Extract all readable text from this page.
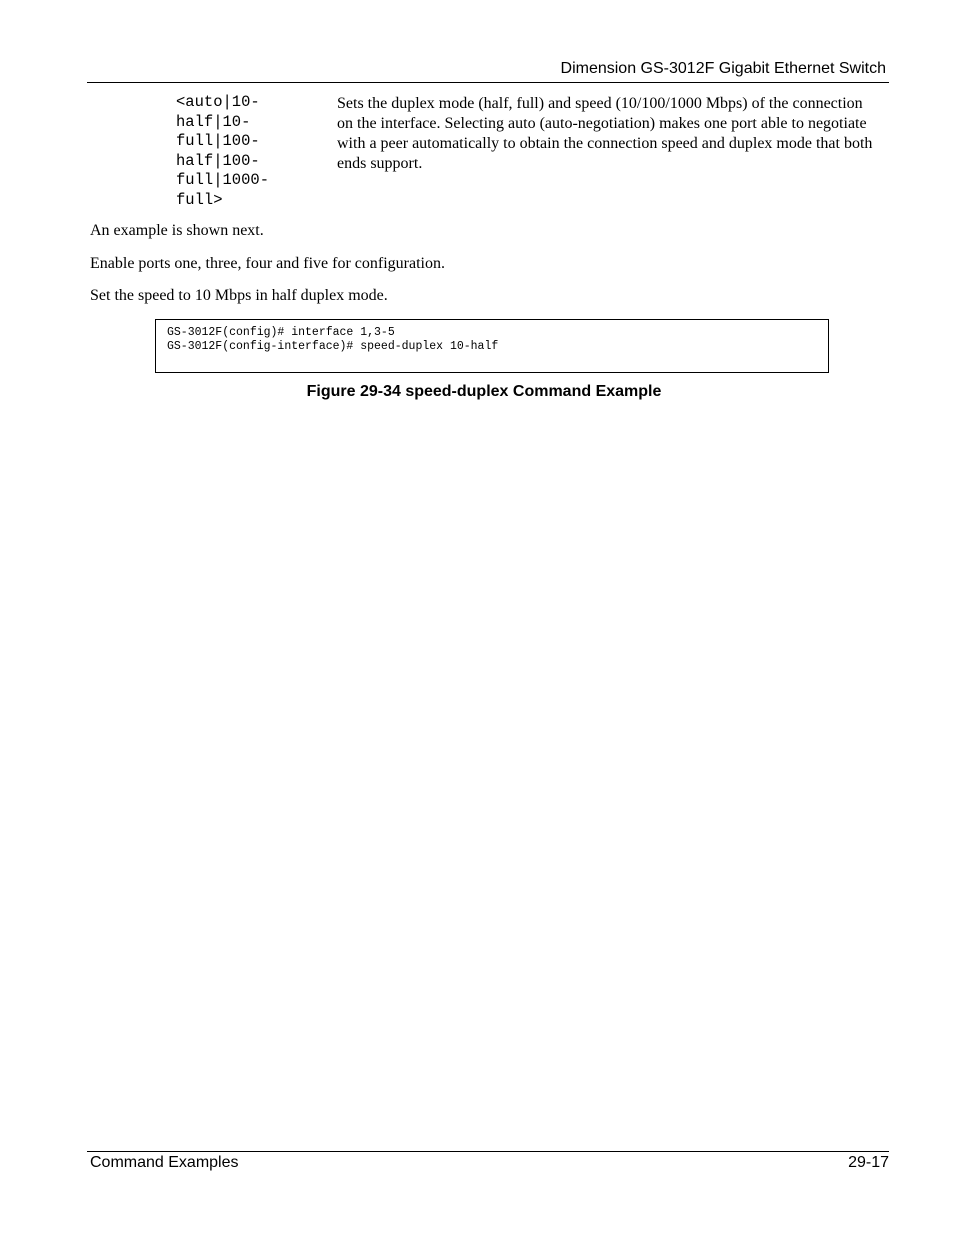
Dimension GS-3012F Gigabit Ethernet Switch
<auto|10-
half|10-
full|100-
half|100-
full|1000-
full>
Sets the duplex mode (half, full) and speed (10/100/1000 Mbps) of the connection on the interface. Selecting auto (auto-negotiation) makes one port able to negotiate with a peer automatically to obtain the connection speed and duplex mode that both ends support.
An example is shown next.
Enable ports one, three, four and five for configuration.
Set the speed to 10 Mbps in half duplex mode.
GS-3012F(config)# interface 1,3-5
GS-3012F(config-interface)# speed-duplex 10-half
Figure 29-34 speed-duplex Command Example
Command Examples	29-17
